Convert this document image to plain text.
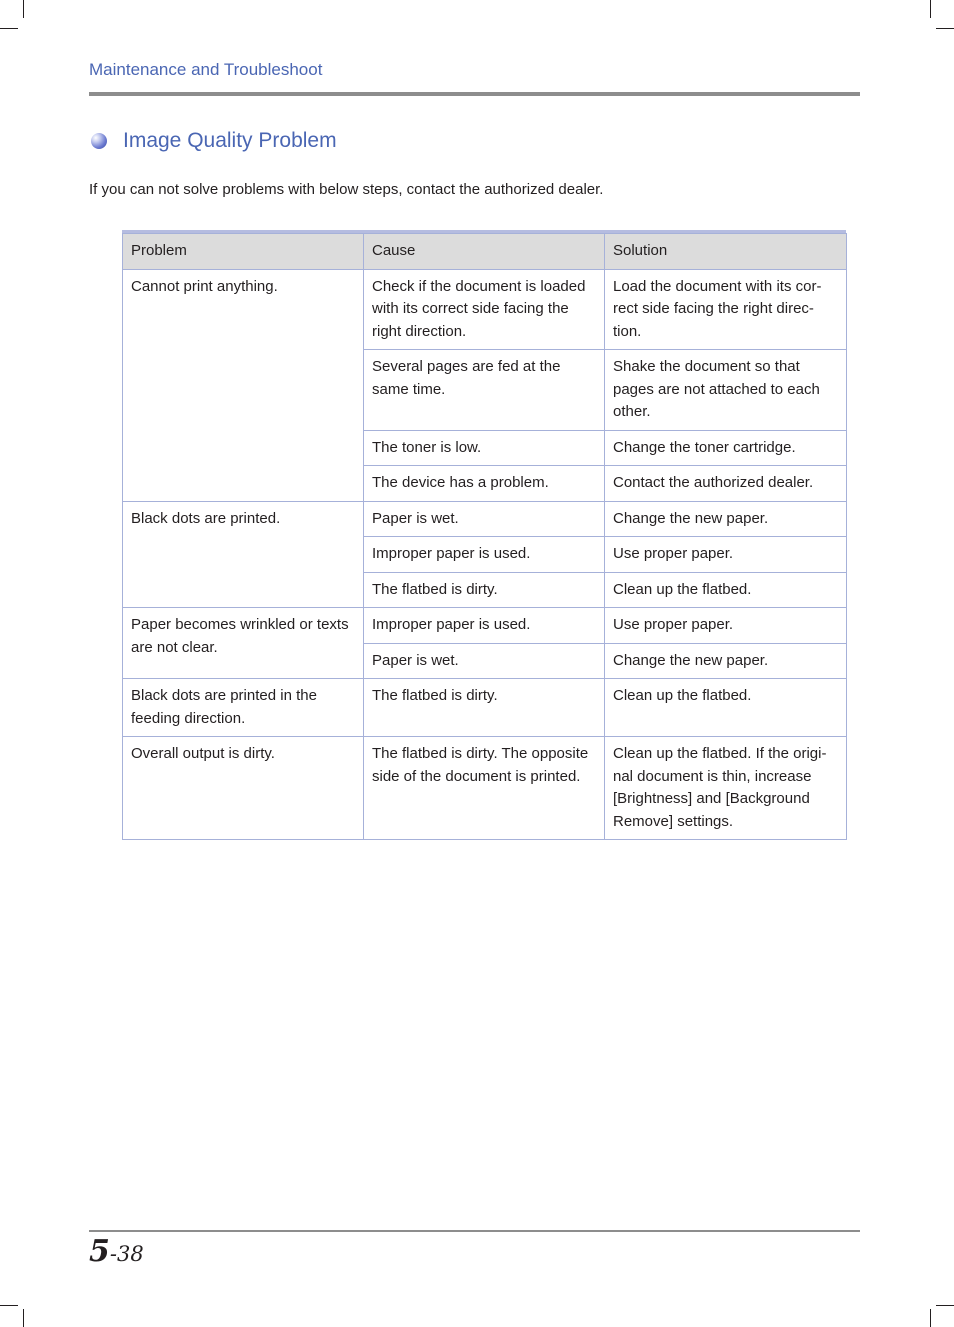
Maintenance and Troubleshoot
Image Quality Problem
If you can not solve problems with below steps, contact the authorized dealer.
Problem	Cause	Solution
Cannot print anything.	Check if the document is loaded with its correct side facing the right direction.	Load the document with its cor-rect side facing the right direc-tion.
	Several pages are fed at the same time.	Shake the document so that pages are not attached to each other.
	The toner is low.	Change the toner cartridge.
	The device has a problem.	Contact the authorized dealer.
Black dots are printed.	Paper is wet.	Change the new paper.
	Improper paper is used.	Use proper paper.
	The flatbed is dirty.	Clean up the flatbed.
Paper becomes wrinkled or texts are not clear.	Improper paper is used.	Use proper paper.
	Paper is wet.	Change the new paper.
Black dots are printed in the feeding direction.	The flatbed is dirty.	Clean up the flatbed.
Overall output is dirty.	The flatbed is dirty. The opposite side of the document is printed.	Clean up the flatbed. If the origi-nal document is thin, increase [Brightness] and [Background Remove] settings.
5-38
